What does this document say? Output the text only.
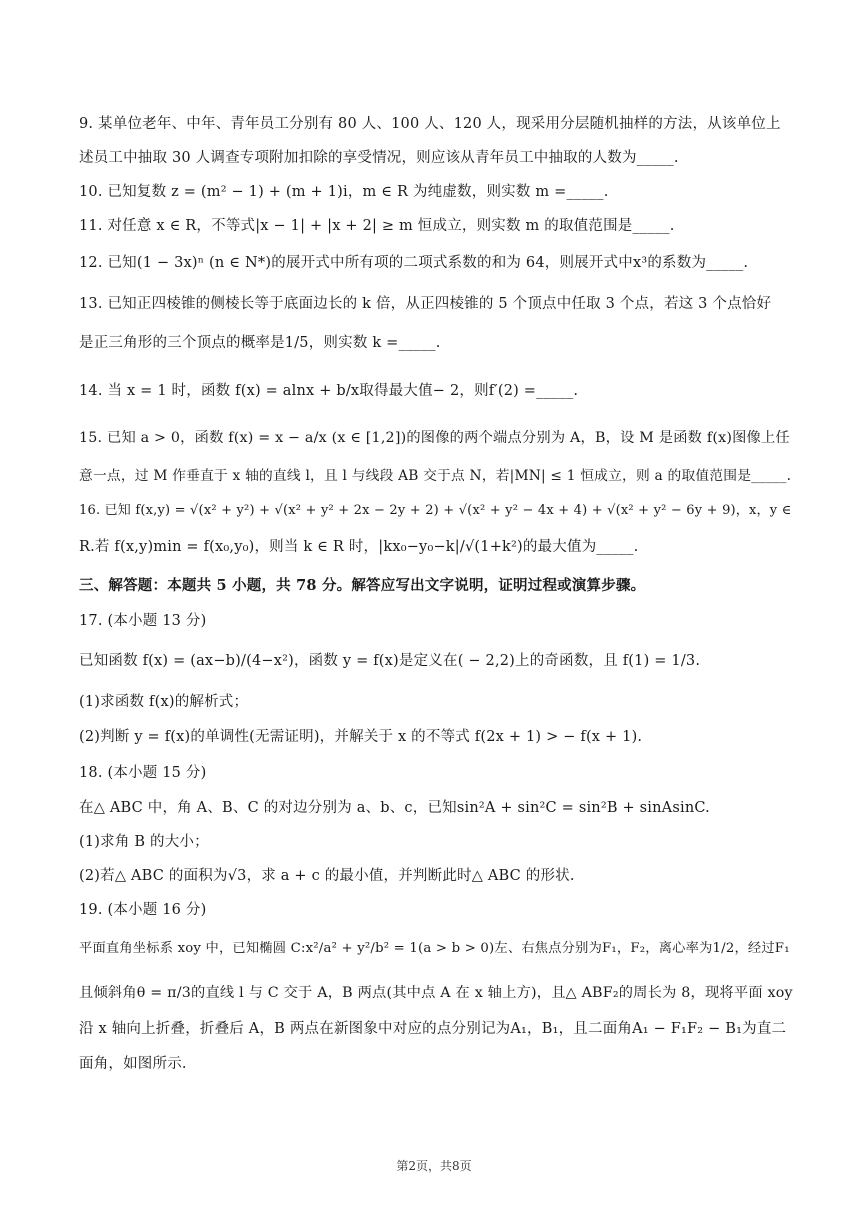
9. 某单位老年、中年、青年员工分别有 80 人、100 人、120 人，现采用分层随机抽样的方法，从该单位上
述员工中抽取 30 人调查专项附加扣除的享受情况，则应该从青年员工中抽取的人数为_____.
10. 已知复数 z = (m² − 1) + (m + 1)i，m ∈ R 为纯虚数，则实数 m =_____.
11. 对任意 x ∈ R，不等式|x − 1| + |x + 2| ≥ m 恒成立，则实数 m 的取值范围是_____.
12. 已知(1 − 3x)ⁿ (n ∈ N*)的展开式中所有项的二项式系数的和为 64，则展开式中x³的系数为_____.
13. 已知正四棱锥的侧棱长等于底面边长的 k 倍，从正四棱锥的 5 个顶点中任取 3 个点，若这 3 个点恰好
是正三角形的三个顶点的概率是1/5，则实数 k =_____.
14. 当 x = 1 时，函数 f(x) = alnx + b/x取得最大值− 2，则f′(2) =_____.
15. 已知 a > 0，函数 f(x) = x − a/x (x ∈ [1,2])的图像的两个端点分别为 A，B，设 M 是函数 f(x)图像上任
意一点，过 M 作垂直于 x 轴的直线 l，且 l 与线段 AB 交于点 N，若|MN| ≤ 1 恒成立，则 a 的取值范围是_____.
16. 已知 f(x,y) = √(x² + y²) + √(x² + y² + 2x − 2y + 2) + √(x² + y² − 4x + 4) + √(x² + y² − 6y + 9)，x，y ∈
R.若 f(x,y)min = f(x₀,y₀)，则当 k ∈ R 时，|kx₀−y₀−k|/√(1+k²)的最大值为_____.
三、解答题：本题共 5 小题，共 78 分。解答应写出文字说明，证明过程或演算步骤。
17. (本小题 13 分)
已知函数 f(x) = (ax−b)/(4−x²)，函数 y = f(x)是定义在( − 2,2)上的奇函数，且 f(1) = 1/3.
(1)求函数 f(x)的解析式；
(2)判断 y = f(x)的单调性(无需证明)，并解关于 x 的不等式 f(2x + 1) > − f(x + 1).
18. (本小题 15 分)
在△ ABC 中，角 A、B、C 的对边分别为 a、b、c，已知sin²A + sin²C = sin²B + sinAsinC.
(1)求角 B 的大小；
(2)若△ ABC 的面积为√3，求 a + c 的最小值，并判断此时△ ABC 的形状.
19. (本小题 16 分)
平面直角坐标系 xoy 中，已知椭圆 C:x²/a² + y²/b² = 1(a > b > 0)左、右焦点分别为F₁，F₂，离心率为1/2，经过F₁
且倾斜角θ = π/3的直线 l 与 C 交于 A，B 两点(其中点 A 在 x 轴上方)，且△ ABF₂的周长为 8，现将平面 xoy
沿 x 轴向上折叠，折叠后 A，B 两点在新图象中对应的点分别记为A₁，B₁，且二面角A₁ − F₁F₂ − B₁为直二
面角，如图所示.
第2页，共8页
